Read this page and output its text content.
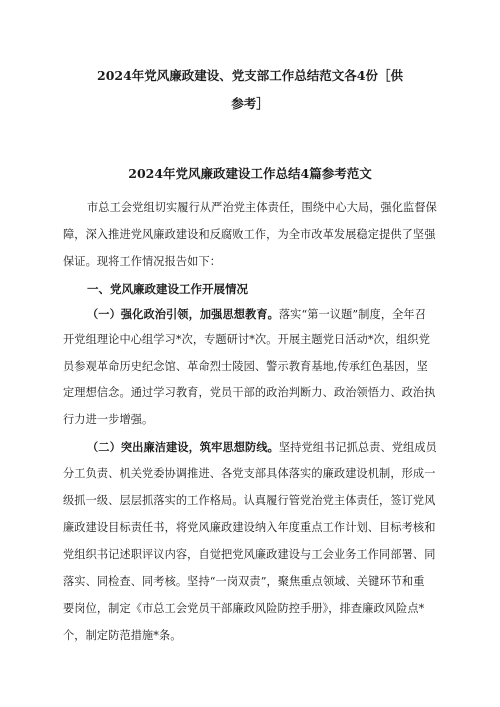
2024年党风廉政建设、党支部工作总结范文各4份［供
参考］
2024年党风廉政建设工作总结4篇参考范文
市总工会党组切实履行从严治党主体责任，围绕中心大局，强化监督保
障，深入推进党风廉政建设和反腐败工作，为全市改革发展稳定提供了坚强
保证。现将工作情况报告如下：
一、党风廉政建设工作开展情况
（一）强化政治引领，加强思想教育。落实“第一议题”制度，全年召
开党组理论中心组学习*次，专题研讨*次。开展主题党日活动*次，组织党
员参观革命历史纪念馆、革命烈士陵园、警示教育基地,传承红色基因，坚
定理想信念。通过学习教育，党员干部的政治判断力、政治领悟力、政治执
行力进一步增强。
（二）突出廉洁建设，筑牢思想防线。坚持党组书记抓总责、党组成员
分工负责、机关党委协调推进、各党支部具体落实的廉政建设机制，形成一
级抓一级、层层抓落实的工作格局。认真履行管党治党主体责任，签订党风
廉政建设目标责任书，将党风廉政建设纳入年度重点工作计划、目标考核和
党组织书记述职评议内容，自觉把党风廉政建设与工会业务工作同部署、同
落实、同检查、同考核。坚持“一岗双责”，聚焦重点领域、关键环节和重
要岗位，制定《市总工会党员干部廉政风险防控手册》，排查廉政风险点*
个，制定防范措施*条。
